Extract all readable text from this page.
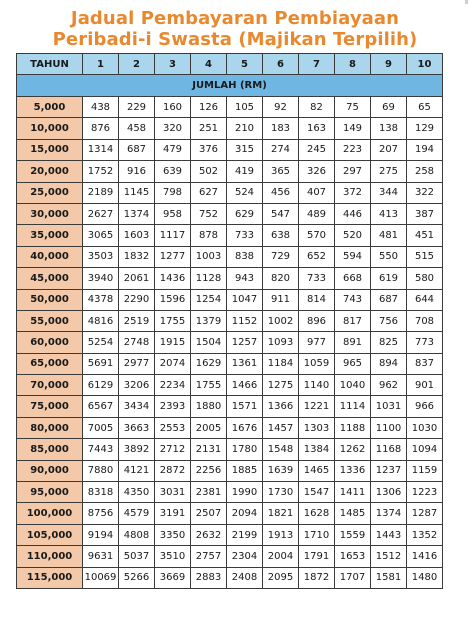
Jadual Pembayaran Pembiayaan
Peribadi-i Swasta (Majikan Terpilih)
TAHUN	1	2	3	4	5	6	7	8	9	10
JUMLAH (RM)										
5,000	438	229	160	126	105	92	82	75	69	65
10,000	876	458	320	251	210	183	163	149	138	129
15,000	1314	687	479	376	315	274	245	223	207	194
20,000	1752	916	639	502	419	365	326	297	275	258
25,000	2189	1145	798	627	524	456	407	372	344	322
30,000	2627	1374	958	752	629	547	489	446	413	387
35,000	3065	1603	1117	878	733	638	570	520	481	451
40,000	3503	1832	1277	1003	838	729	652	594	550	515
45,000	3940	2061	1436	1128	943	820	733	668	619	580
50,000	4378	2290	1596	1254	1047	911	814	743	687	644
55,000	4816	2519	1755	1379	1152	1002	896	817	756	708
60,000	5254	2748	1915	1504	1257	1093	977	891	825	773
65,000	5691	2977	2074	1629	1361	1184	1059	965	894	837
70,000	6129	3206	2234	1755	1466	1275	1140	1040	962	901
75,000	6567	3434	2393	1880	1571	1366	1221	1114	1031	966
80,000	7005	3663	2553	2005	1676	1457	1303	1188	1100	1030
85,000	7443	3892	2712	2131	1780	1548	1384	1262	1168	1094
90,000	7880	4121	2872	2256	1885	1639	1465	1336	1237	1159
95,000	8318	4350	3031	2381	1990	1730	1547	1411	1306	1223
100,000	8756	4579	3191	2507	2094	1821	1628	1485	1374	1287
105,000	9194	4808	3350	2632	2199	1913	1710	1559	1443	1352
110,000	9631	5037	3510	2757	2304	2004	1791	1653	1512	1416
115,000	10069	5266	3669	2883	2408	2095	1872	1707	1581	1480
